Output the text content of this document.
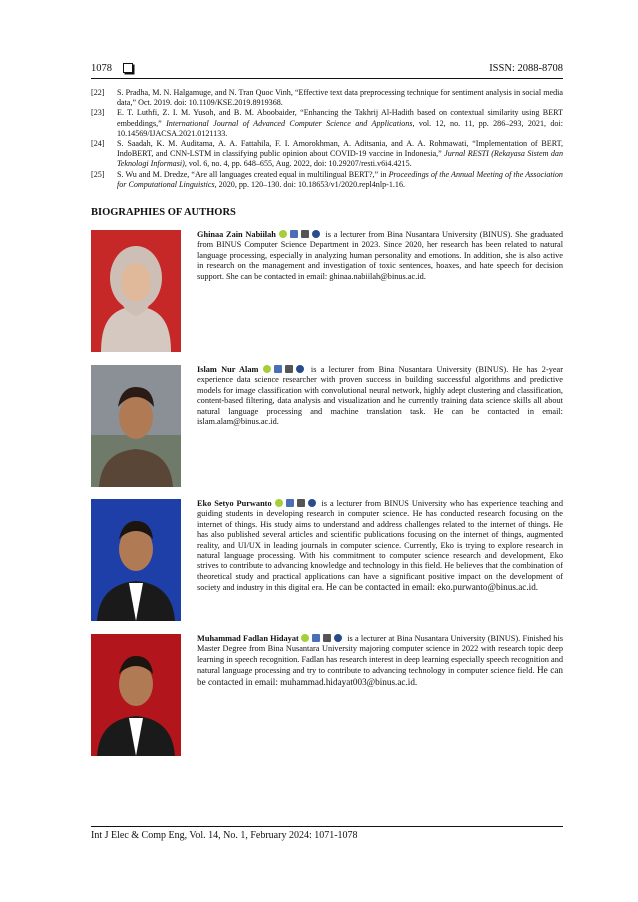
1078	ISSN: 2088-8708
[22]	S. Pradha, M. N. Halgamuge, and N. Tran Quoc Vinh, “Effective text data preprocessing technique for sentiment analysis in social media data,” Oct. 2019. doi: 10.1109/KSE.2019.8919368.
[23]	E. T. Luthfi, Z. I. M. Yusoh, and B. M. Aboobaider, “Enhancing the Takhrij Al-Hadith based on contextual similarity using BERT embeddings,” International Journal of Advanced Computer Science and Applications, vol. 12, no. 11, pp. 286–293, 2021, doi: 10.14569/IJACSA.2021.0121133.
[24]	S. Saadah, K. M. Auditama, A. A. Fattahila, F. I. Amorokhman, A. Aditsania, and A. A. Rohmawati, “Implementation of BERT, IndoBERT, and CNN-LSTM in classifying public opinion about COVID-19 vaccine in Indonesia,” Jurnal RESTI (Rekayasa Sistem dan Teknologi Informasi), vol. 6, no. 4, pp. 648–655, Aug. 2022, doi: 10.29207/resti.v6i4.4215.
[25]	S. Wu and M. Dredze, “Are all languages created equal in multilingual BERT?,” in Proceedings of the Annual Meeting of the Association for Computational Linguistics, 2020, pp. 120–130. doi: 10.18653/v1/2020.repl4nlp-1.16.
BIOGRAPHIES OF AUTHORS
Ghinaa Zain Nabiilah	is a lecturer from Bina Nusantara University (BINUS). She graduated from BINUS Computer Science Department in 2023. Since 2020, her research has been related to natural language processing, especially in analyzing human personality and emotions. In addition, she is also active in research on the management and investigation of toxic sentences, hoaxes, and hate speech for decision support. She can be contacted in email: ghinaa.nabiilah@binus.ac.id.
Islam Nur Alam	is a lecturer from Bina Nusantara University (BINUS). He has 2-year experience data science researcher with proven success in building successful algorithms and predictive models for image classification with convolutional neural network, highly adept clustering and classification, content-based filtering, data analysis and visualization and he currently training data science skills all about natural language processing and machine translation task. He can be contacted in email: islam.alam@binus.ac.id.
Eko Setyo Purwanto	is a lecturer from BINUS University who has experience teaching and guiding students in developing research in computer science. He has conducted research focusing on the internet of things. His study aims to understand and address challenges related to the internet of things. He has also published several articles and scientific publications focusing on the internet of things, augmented reality, and UI/UX in leading journals in computer science. Currently, Eko is trying to explore research in natural language processing. With his commitment to computer science research and development, Eko strives to contribute to advancing knowledge and technology in this field. He believes that the combination of theoretical study and practical applications can have a significant positive impact on the development of society and industry in this digital era. He can be contacted in email: eko.purwanto@binus.ac.id.
Muhammad Fadlan Hidayat	is a lecturer at Bina Nusantara University (BINUS). Finished his Master Degree from Bina Nusantara University majoring computer science in 2022 with research topic deep learning in speech recognition. Fadlan has research interest in deep learning especially speech recognition and natural language processing and try to contribute to advancing technology in computer science field. He can be contacted in email: muhammad.hidayat003@binus.ac.id.
Int J Elec & Comp Eng, Vol. 14, No. 1, February 2024: 1071-1078
